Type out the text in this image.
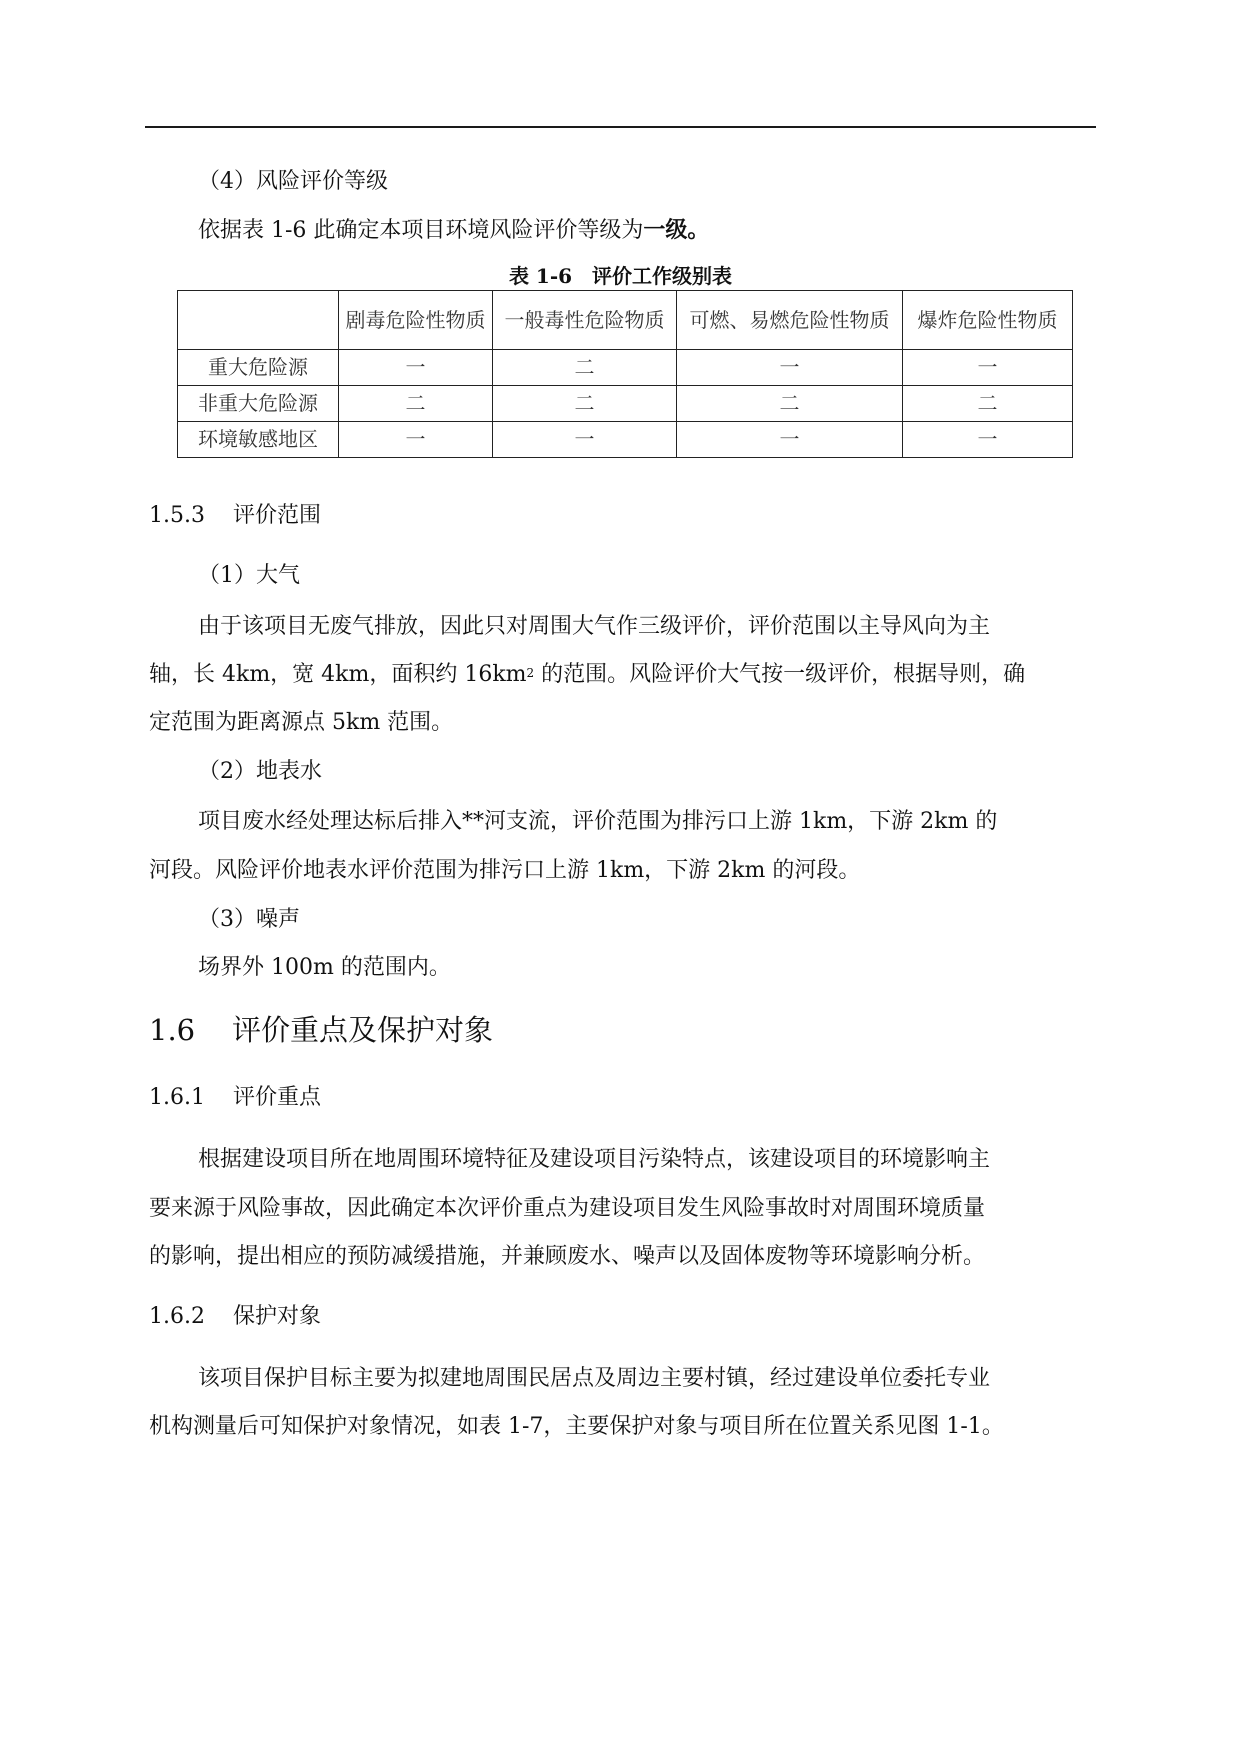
（4）风险评价等级
依据表 1-6 此确定本项目环境风险评价等级为一级。
表 1-6　评价工作级别表
	剧毒危险性物质	一般毒性危险物质	可燃、易燃危险性物质	爆炸危险性物质
重大危险源	一	二	一	一
非重大危险源	二	二	二	二
环境敏感地区	一	一	一	一
1.5.3 评价范围
（1）大气
由于该项目无废气排放，因此只对周围大气作三级评价，评价范围以主导风向为主
轴，长 4km，宽 4km，面积约 $16km^2$ 的范围。风险评价大气按一级评价，根据导则，确
定范围为距离源点 5km 范围。
（2）地表水
项目废水经处理达标后排入**河支流，评价范围为排污口上游 1km，下游 2km 的
河段。风险评价地表水评价范围为排污口上游 1km，下游 2km 的河段。
（3）噪声
场界外 100m 的范围内。
1.6 评价重点及保护对象
1.6.1 评价重点
根据建设项目所在地周围环境特征及建设项目污染特点，该建设项目的环境影响主
要来源于风险事故，因此确定本次评价重点为建设项目发生风险事故时对周围环境质量
的影响，提出相应的预防减缓措施，并兼顾废水、噪声以及固体废物等环境影响分析。
1.6.2 保护对象
该项目保护目标主要为拟建地周围民居点及周边主要村镇，经过建设单位委托专业
机构测量后可知保护对象情况，如表 1-7，主要保护对象与项目所在位置关系见图 1-1。
